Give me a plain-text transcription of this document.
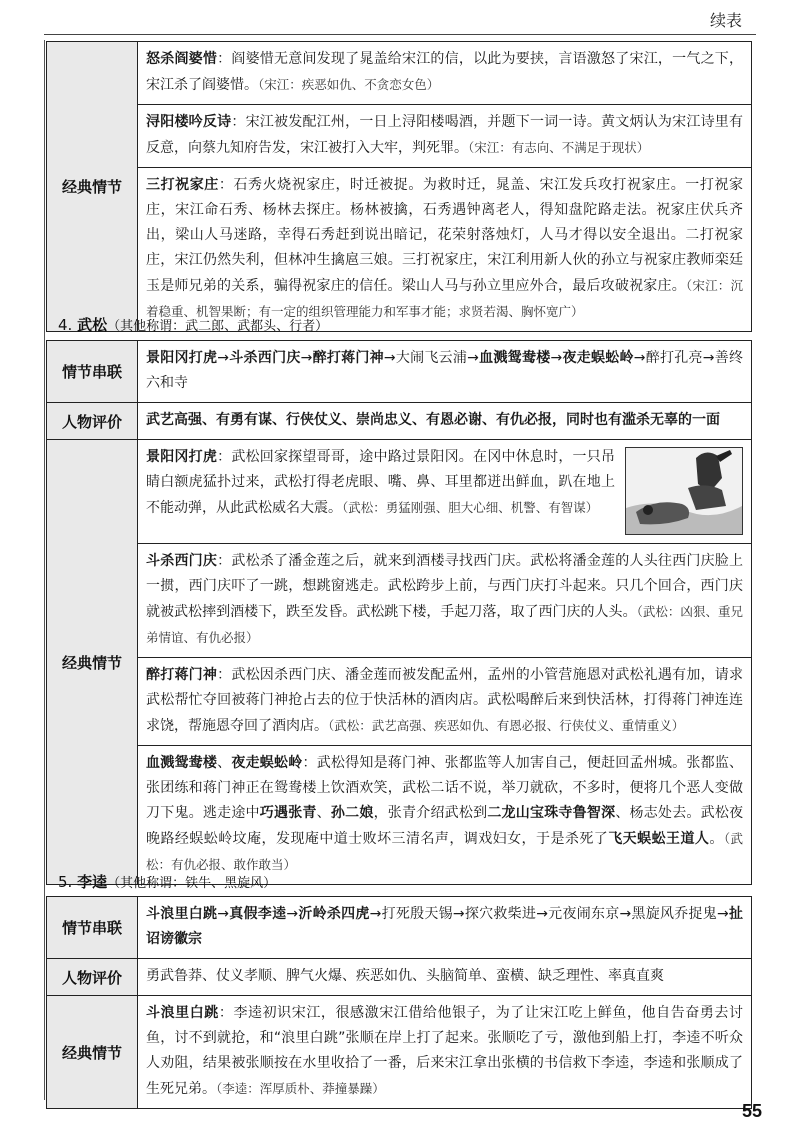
续表
经典情节	怒杀阎婆惜：阎婆惜无意间发现了晁盖给宋江的信，以此为要挟，言语激怒了宋江，一气之下，宋江杀了阎婆惜。（宋江：疾恶如仇、不贪恋女色）
浔阳楼吟反诗：宋江被发配江州，一日上浔阳楼喝酒，并题下一词一诗。黄文炳认为宋江诗里有反意，向蔡九知府告发，宋江被打入大牢，判死罪。（宋江：有志向、不满足于现状）
三打祝家庄：石秀火烧祝家庄，时迁被捉。为救时迁，晁盖、宋江发兵攻打祝家庄。一打祝家庄，宋江命石秀、杨林去探庄。杨林被擒，石秀遇钟离老人，得知盘陀路走法。祝家庄伏兵齐出，梁山人马迷路，幸得石秀赶到说出暗记，花荣射落烛灯，人马才得以安全退出。二打祝家庄，宋江仍然失利，但林冲生擒扈三娘。三打祝家庄，宋江利用新人伙的孙立与祝家庄教师栾廷玉是师兄弟的关系，骗得祝家庄的信任。梁山人马与孙立里应外合，最后攻破祝家庄。（宋江：沉着稳重、机智果断；有一定的组织管理能力和军事才能；求贤若渴、胸怀宽广）
4. 武松（其他称谓：武二郎、武都头、行者）
情节串联	景阳冈打虎→斗杀西门庆→醉打蒋门神→大闹飞云浦→血溅鸳鸯楼→夜走蜈蚣岭→醉打孔亮→善终六和寺
人物评价	武艺高强、有勇有谋、行侠仗义、崇尚忠义、有恩必谢、有仇必报，同时也有滥杀无辜的一面
经典情节	景阳冈打虎：武松回家探望哥哥，途中路过景阳冈。在冈中休息时，一只吊睛白额虎猛扑过来，武松打得老虎眼、嘴、鼻、耳里都迸出鲜血，趴在地上不能动弹，从此武松威名大震。（武松：勇猛刚强、胆大心细、机警、有智谋）
	斗杀西门庆：武松杀了潘金莲之后，就来到酒楼寻找西门庆。武松将潘金莲的人头往西门庆脸上一掼，西门庆吓了一跳，想跳窗逃走。武松跨步上前，与西门庆打斗起来。只几个回合，西门庆就被武松摔到酒楼下，跌至发昏。武松跳下楼，手起刀落，取了西门庆的人头。（武松：凶狠、重兄弟情谊、有仇必报）
	醉打蒋门神：武松因杀西门庆、潘金莲而被发配孟州，孟州的小管营施恩对武松礼遇有加，请求武松帮忙夺回被蒋门神抢占去的位于快活林的酒肉店。武松喝醉后来到快活林，打得蒋门神连连求饶，帮施恩夺回了酒肉店。（武松：武艺高强、疾恶如仇、有恩必报、行侠仗义、重情重义）
	血溅鸳鸯楼、夜走蜈蚣岭：武松得知是蒋门神、张都监等人加害自己，便赶回孟州城。张都监、张团练和蒋门神正在鸳鸯楼上饮酒欢笑，武松二话不说，举刀就砍，不多时，便将几个恶人变做刀下鬼。逃走途中巧遇张青、孙二娘，张青介绍武松到二龙山宝珠寺鲁智深、杨志处去。武松夜晚路经蜈蚣岭坟庵，发现庵中道士败坏三清名声，调戏妇女，于是杀死了飞天蜈蚣王道人。（武松：有仇必报、敢作敢当）
5. 李逵（其他称谓：铁牛、黑旋风）
情节串联	斗浪里白跳→真假李逵→沂岭杀四虎→打死殷天锡→探穴救柴进→元夜闹东京→黑旋风乔捉鬼→扯诏谤徽宗
人物评价	勇武鲁莽、仗义孝顺、脾气火爆、疾恶如仇、头脑简单、蛮横、缺乏理性、率真直爽
经典情节	斗浪里白跳：李逵初识宋江，很感激宋江借给他银子，为了让宋江吃上鲜鱼，他自告奋勇去讨鱼，讨不到就抢，和“浪里白跳”张顺在岸上打了起来。张顺吃了亏，激他到船上打，李逵不听众人劝阻，结果被张顺按在水里收拾了一番，后来宋江拿出张横的书信救下李逵，李逵和张顺成了生死兄弟。（李逵：浑厚质朴、莽撞暴躁）
55
